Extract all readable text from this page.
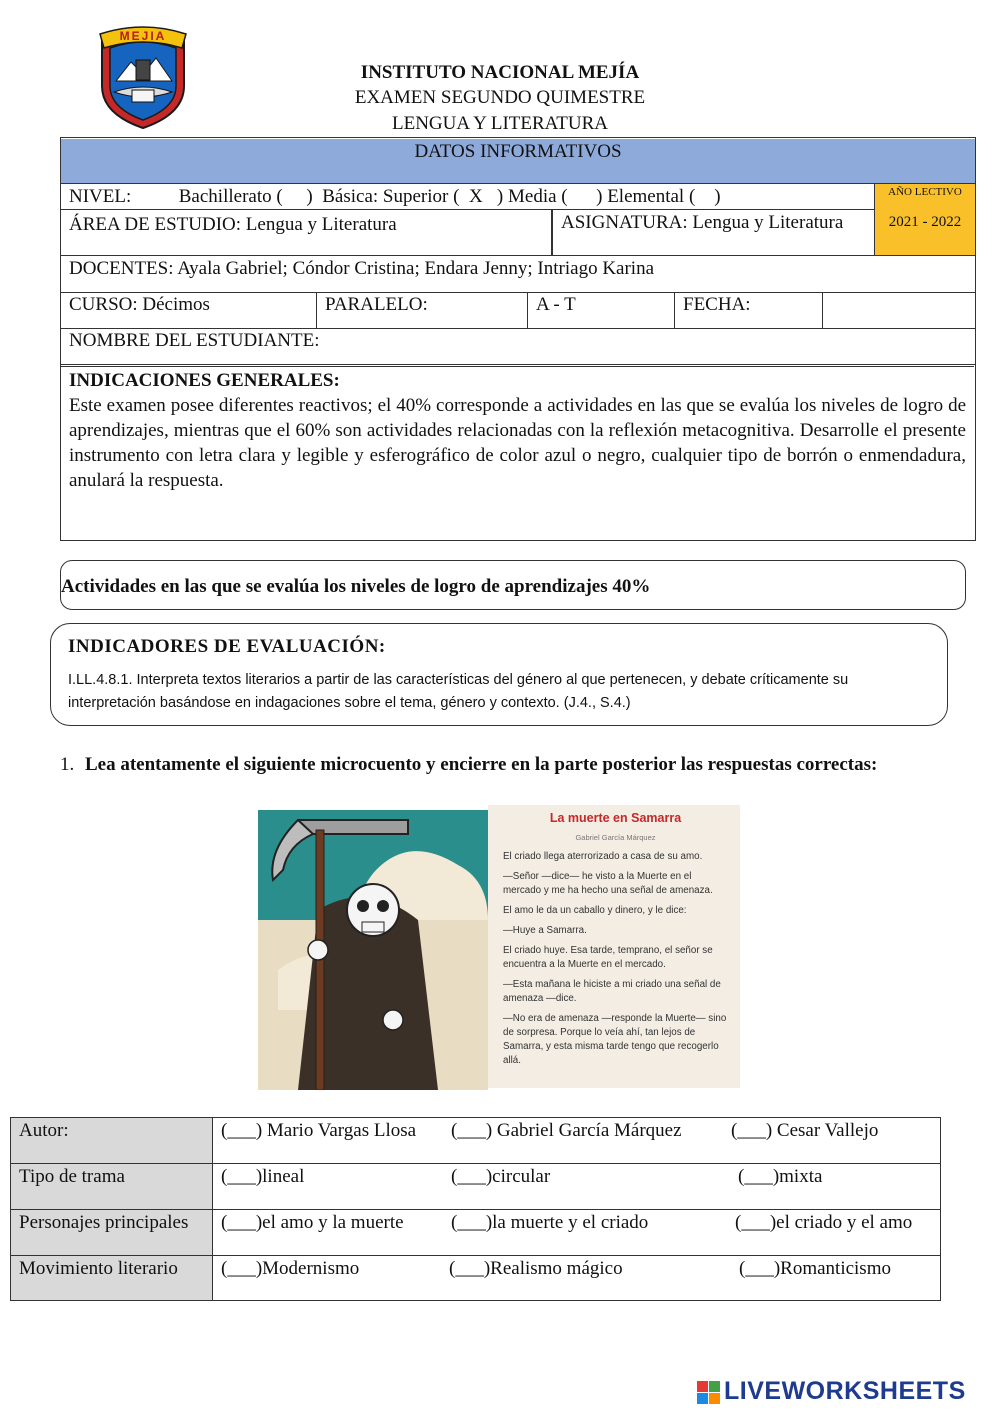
MEJIA
INSTITUTO NACIONAL MEJÍA
EXAMEN SEGUNDO QUIMESTRE
LENGUA Y LITERATURA
DATOS INFORMATIVOS
NIVEL:          Bachillerato (     )  Básica: Superior (  X   ) Media (      ) Elemental (    )
ÁREA DE ESTUDIO: Lengua y Literatura	ASIGNATURA: Lengua y Literatura
AÑO LECTIVO
2021 - 2022
DOCENTES: Ayala Gabriel; Cóndor Cristina; Endara Jenny; Intriago Karina
CURSO: Décimos	PARALELO:	A - T	FECHA:
NOMBRE DEL ESTUDIANTE:
INDICACIONES GENERALES:
Este examen posee diferentes reactivos; el 40% corresponde a actividades en las que se evalúa los niveles de logro de aprendizajes, mientras que el 60% son actividades relacionadas con la reflexión metacognitiva. Desarrolle el presente instrumento con letra clara y legible y esferográfico de color azul o negro, cualquier tipo de borrón o enmendadura, anulará la respuesta.
Actividades en las que se evalúa los niveles de logro de aprendizajes 40%
INDICADORES DE EVALUACIÓN:
I.LL.4.8.1. Interpreta textos literarios a partir de las características del género al que pertenecen, y debate críticamente su interpretación basándose en indagaciones sobre el tema, género y contexto. (J.4., S.4.)
1. Lea atentamente el siguiente microcuento y encierre en la parte posterior las respuestas correctas:
La muerte en Samarra
Gabriel García Márquez
El criado llega aterrorizado a casa de su amo.
—Señor —dice— he visto a la Muerte en el mercado y me ha hecho una señal de amenaza.
El amo le da un caballo y dinero, y le dice:
—Huye a Samarra.
El criado huye. Esa tarde, temprano, el señor se encuentra a la Muerte en el mercado.
—Esta mañana le hiciste a mi criado una señal de amenaza —dice.
—No era de amenaza —responde la Muerte— sino de sorpresa. Porque lo veía ahí, tan lejos de Samarra, y esta misma tarde tengo que recogerlo allá.
Autor:	(___) Mario Vargas Llosa (___) Gabriel García Márquez	(___) Cesar Vallejo
Tipo de trama	(___)lineal	(___)circular	(___)mixta
Personajes principales	(___)el amo y la muerte (___)la muerte y el criado	(___)el criado y el amo
Movimiento literario	(___)Modernismo	(___)Realismo mágico	(___)Romanticismo
LIVEWORKSHEETS
